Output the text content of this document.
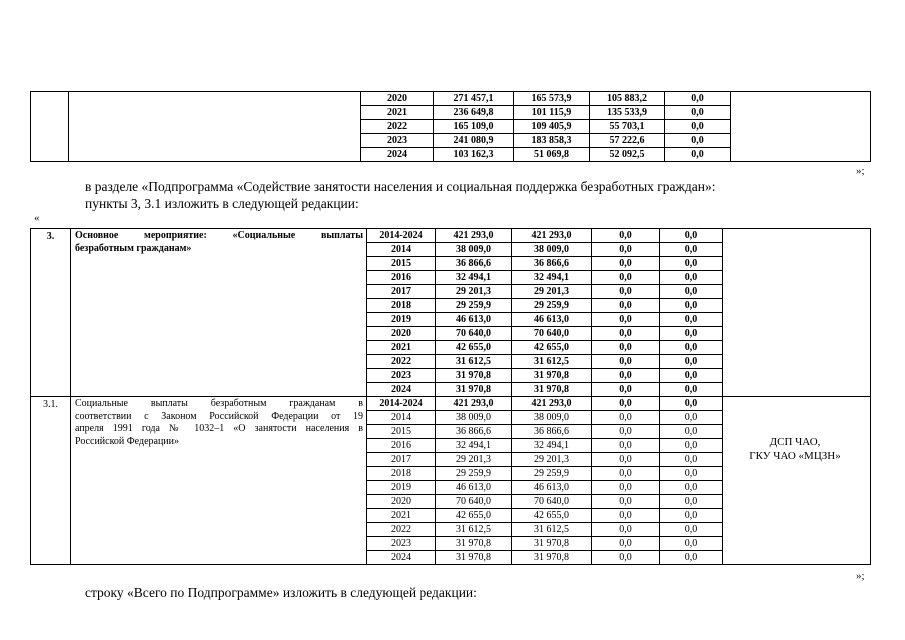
		2020	271 457,1	165 573,9	105 883,2	0,0	
		2021	236 649,8	101 115,9	135 533,9	0,0	
		2022	165 109,0	109 405,9	55 703,1	0,0	
		2023	241 080,9	183 858,3	57 222,6	0,0	
		2024	103 162,3	51 069,8	52 092,5	0,0	
»;
в разделе «Подпрограмма «Содействие занятости населения и социальная поддержка безработных граждан»:
пункты 3, 3.1 изложить в следующей редакции:
«
3.	Основное мероприятие: «Социальные выплаты
безработным гражданам»	2014-2024	421 293,0	421 293,0	0,0	0,0	
		2014	38 009,0	38 009,0	0,0	0,0	
		2015	36 866,6	36 866,6	0,0	0,0	
		2016	32 494,1	32 494,1	0,0	0,0	
		2017	29 201,3	29 201,3	0,0	0,0	
		2018	29 259,9	29 259,9	0,0	0,0	
		2019	46 613,0	46 613,0	0,0	0,0	
		2020	70 640,0	70 640,0	0,0	0,0	
		2021	42 655,0	42 655,0	0,0	0,0	
		2022	31 612,5	31 612,5	0,0	0,0	
		2023	31 970,8	31 970,8	0,0	0,0	
		2024	31 970,8	31 970,8	0,0	0,0	
3.1.	Социальные выплаты безработным гражданам в
соответствии с Законом Российской Федерации от 19
апреля 1991 года № 1032–1 «О занятости населения в
Российской Федерации»	2014-2024	421 293,0	421 293,0	0,0	0,0	
		2014	38 009,0	38 009,0	0,0	0,0	
		2015	36 866,6	36 866,6	0,0	0,0	
		2016	32 494,1	32 494,1	0,0	0,0	
		2017	29 201,3	29 201,3	0,0	0,0	
		2018	29 259,9	29 259,9	0,0	0,0	
		2019	46 613,0	46 613,0	0,0	0,0	
		2020	70 640,0	70 640,0	0,0	0,0	
		2021	42 655,0	42 655,0	0,0	0,0	
		2022	31 612,5	31 612,5	0,0	0,0	
		2023	31 970,8	31 970,8	0,0	0,0	
		2024	31 970,8	31 970,8	0,0	0,0	
ДСП ЧАО,
ГКУ ЧАО «МЦЗН»
»;
строку «Всего по Подпрограмме» изложить в следующей редакции:
